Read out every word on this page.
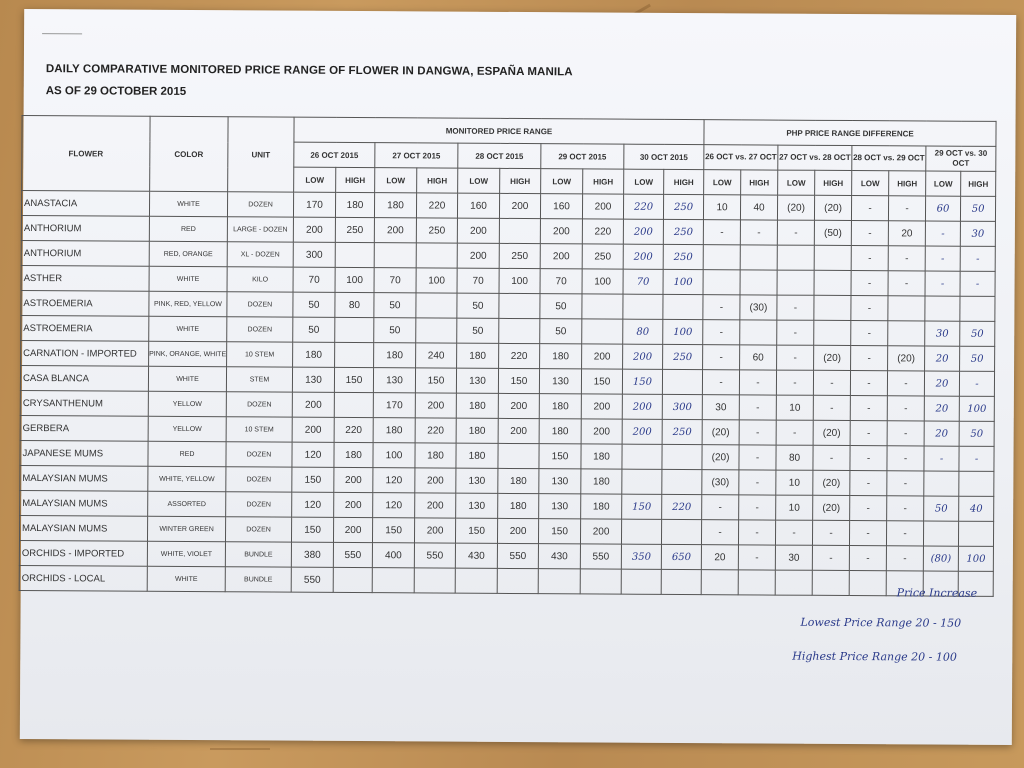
DAILY COMPARATIVE MONITORED PRICE RANGE OF FLOWER IN DANGWA, ESPAÑA MANILA
AS OF 29 OCTOBER 2015
FLOWER	COLOR	UNIT	MONITORED PRICE RANGE										PHP PRICE RANGE DIFFERENCE							
			26 OCT 2015		27 OCT 2015		28 OCT 2015		29 OCT 2015		30 OCT 2015		26 OCT vs. 27 OCT		27 OCT vs. 28 OCT		28 OCT vs. 29 OCT		29 OCT vs. 30 OCT	
			LOW	HIGH	LOW	HIGH	LOW	HIGH	LOW	HIGH	LOW	HIGH	LOW	HIGH	LOW	HIGH	LOW	HIGH	LOW	HIGH
ANASTACIA	WHITE	DOZEN	170	180	180	220	160	200	160	200	220	250	10	40	(20)	(20)	-	-	60	50
ANTHORIUM	RED	LARGE - DOZEN	200	250	200	250	200		200	220	200	250	-	-	-	(50)	-	20	-	30
ANTHORIUM	RED, ORANGE	XL - DOZEN	300				200	250	200	250	200	250					-	-	-	-
ASTHER	WHITE	KILO	70	100	70	100	70	100	70	100	70	100					-	-	-	-
ASTROEMERIA	PINK, RED, YELLOW	DOZEN	50	80	50		50		50				-	(30)	-		-			
ASTROEMERIA	WHITE	DOZEN	50		50		50		50		80	100	-		-		-		30	50
CARNATION - IMPORTED	PINK, ORANGE, WHITE	10 STEM	180		180	240	180	220	180	200	200	250	-	60	-	(20)	-	(20)	20	50
CASA BLANCA	WHITE	STEM	130	150	130	150	130	150	130	150	150		-	-	-	-	-	-	20	-
CRYSANTHENUM	YELLOW	DOZEN	200		170	200	180	200	180	200	200	300	30	-	10	-	-	-	20	100
GERBERA	YELLOW	10 STEM	200	220	180	220	180	200	180	200	200	250	(20)	-	-	(20)	-	-	20	50
JAPANESE MUMS	RED	DOZEN	120	180	100	180	180		150	180			(20)	-	80	-	-	-	-	-
MALAYSIAN MUMS	WHITE, YELLOW	DOZEN	150	200	120	200	130	180	130	180			(30)	-	10	(20)	-	-		
MALAYSIAN MUMS	ASSORTED	DOZEN	120	200	120	200	130	180	130	180	150	220	-	-	10	(20)	-	-	50	40
MALAYSIAN MUMS	WINTER GREEN	DOZEN	150	200	150	200	150	200	150	200			-	-	-	-	-	-		
ORCHIDS - IMPORTED	WHITE, VIOLET	BUNDLE	380	550	400	550	430	550	430	550	350	650	20	-	30	-	-	-	(80)	100
ORCHIDS - LOCAL	WHITE	BUNDLE	550																	
Price Increase
Lowest Price Range 20 - 150
Highest Price Range 20 - 100
